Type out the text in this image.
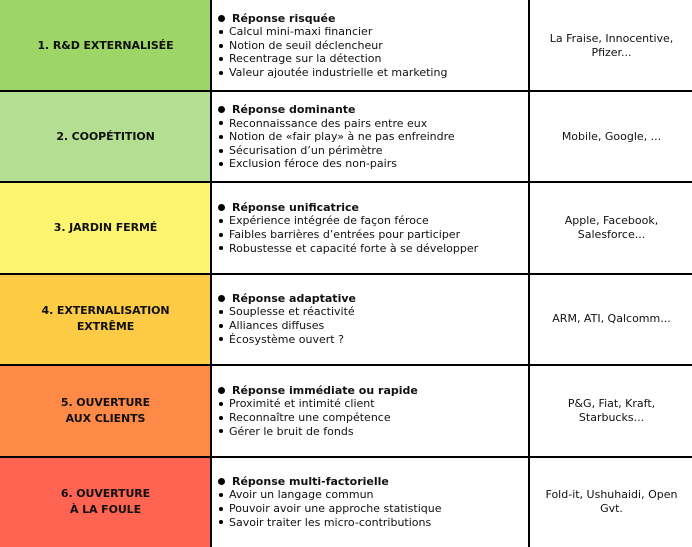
1. R&D EXTERNALISÉE
Réponse risquée
Calcul mini-maxi financier
Notion de seuil déclencheur
Recentrage sur la détection
Valeur ajoutée industrielle et marketing
La Fraise, Innocentive, Pfizer...
2. COOPÉTITION
Réponse dominante
Reconnaissance des pairs entre eux
Notion de «fair play» à ne pas enfreindre
Sécurisation d’un périmètre
Exclusion féroce des non-pairs
Mobile, Google, ...
3. JARDIN FERMÉ
Réponse unificatrice
Expérience intégrée de façon féroce
Faibles barrières d’entrées pour participer
Robustesse et capacité forte à se développer
Apple, Facebook, Salesforce...
4. EXTERNALISATION
EXTRÊME
Réponse adaptative
Souplesse et réactivité
Alliances diffuses
Écosystème ouvert ?
ARM, ATI, Qalcomm...
5. OUVERTURE
AUX CLIENTS
Réponse immédiate ou rapide
Proximité et intimité client
Reconnaître une compétence
Gérer le bruit de fonds
P&G, Fiat, Kraft, Starbucks...
6. OUVERTURE
À LA FOULE
Réponse multi-factorielle
Avoir un langage commun
Pouvoir avoir une approche statistique
Savoir traiter les micro-contributions
Fold-it, Ushuhaidi, Open Gvt.
